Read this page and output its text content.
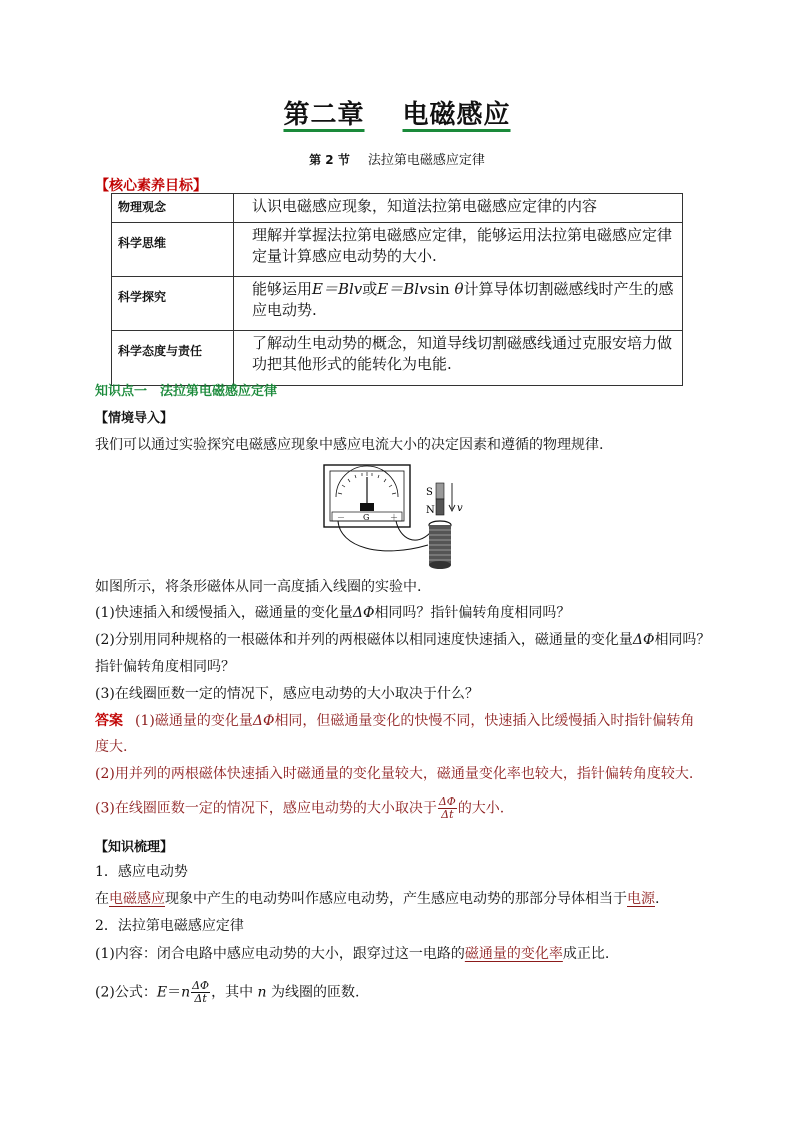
第二章 电磁感应
第 2 节 法拉第电磁感应定律
【核心素养目标】
物理观念	认识电磁感应现象，知道法拉第电磁感应定律的内容
科学思维	理解并掌握法拉第电磁感应定律，能够运用法拉第电磁感应定律定量计算感应电动势的大小.
科学探究	能够运用E＝Blv或E＝Blvsin θ计算导体切割磁感线时产生的感应电动势.
科学态度与责任	了解动生电动势的概念，知道导线切割磁感线通过克服安培力做功把其他形式的能转化为电能.
知识点一　法拉第电磁感应定律
【情境导入】
我们可以通过实验探究电磁感应现象中感应电流大小的决定因素和遵循的物理规律.
－ G	＋
S
N v
如图所示，将条形磁体从同一高度插入线圈的实验中.
(1)快速插入和缓慢插入，磁通量的变化量ΔΦ相同吗？指针偏转角度相同吗？
(2)分别用同种规格的一根磁体和并列的两根磁体以相同速度快速插入，磁通量的变化量ΔΦ相同吗？
指针偏转角度相同吗？
(3)在线圈匝数一定的情况下，感应电动势的大小取决于什么？
答案 (1)磁通量的变化量ΔΦ相同，但磁通量变化的快慢不同，快速插入比缓慢插入时指针偏转角
度大.
(2)用并列的两根磁体快速插入时磁通量的变化量较大，磁通量变化率也较大，指针偏转角度较大.
(3)在线圈匝数一定的情况下，感应电动势的大小取决于 $\frac{\Delta\Phi}{\Delta t}$ 的大小.
【知识梳理】
1．感应电动势
在电磁感应现象中产生的电动势叫作感应电动势，产生感应电动势的那部分导体相当于电源.
2．法拉第电磁感应定律
(1)内容：闭合电路中感应电动势的大小，跟穿过这一电路的磁通量的变化率成正比.
(2)公式：$E=n \frac{\Delta\Phi}{\Delta t}$ ，其中 n 为线圈的匝数.
